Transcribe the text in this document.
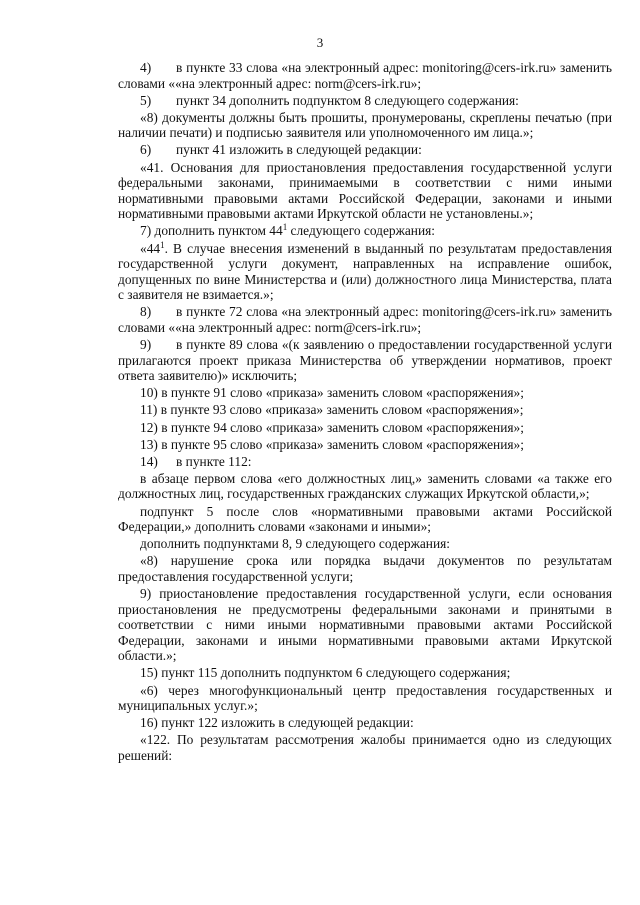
3

4) в пункте 33 слова «на электронный адрес: monitoring@cers-irk.ru» заменить словами ««на электронный адрес: norm@cers-irk.ru»;

5) пункт 34 дополнить подпунктом 8 следующего содержания:

«8) документы должны быть прошиты, пронумерованы, скреплены печатью (при наличии печати) и подписью заявителя или уполномоченного им лица.»;

6) пункт 41 изложить в следующей редакции:

«41. Основания для приостановления предоставления государственной услуги федеральными законами, принимаемыми в соответствии с ними иными нормативными правовыми актами Российской Федерации, законами и иными нормативными правовыми актами Иркутской области не установлены.»;

7) дополнить пунктом $44^1$ следующего содержания:

«$44^1$. В случае внесения изменений в выданный по результатам предоставления государственной услуги документ, направленных на исправление ошибок, допущенных по вине Министерства и (или) должностного лица Министерства, плата с заявителя не взимается.»;

8) в пункте 72 слова «на электронный адрес: monitoring@cers-irk.ru» заменить словами ««на электронный адрес: norm@cers-irk.ru»;

9) в пункте 89 слова «(к заявлению о предоставлении государственной услуги прилагаются проект приказа Министерства об утверждении нормативов, проект ответа заявителю)» исключить;

10) в пункте 91 слово «приказа» заменить словом «распоряжения»;

11) в пункте 93 слово «приказа» заменить словом «распоряжения»;

12) в пункте 94 слово «приказа» заменить словом «распоряжения»;

13) в пункте 95 слово «приказа» заменить словом «распоряжения»;

14) в пункте 112:

в абзаце первом слова «его должностных лиц,» заменить словами «а также его должностных лиц, государственных гражданских служащих Иркутской области,»;

подпункт 5 после слов «нормативными правовыми актами Российской Федерации,» дополнить словами «законами и иными»;

дополнить подпунктами 8, 9 следующего содержания:

«8) нарушение срока или порядка выдачи документов по результатам предоставления государственной услуги;

9) приостановление предоставления государственной услуги, если основания приостановления не предусмотрены федеральными законами и принятыми в соответствии с ними иными нормативными правовыми актами Российской Федерации, законами и иными нормативными правовыми актами Иркутской области.»;

15) пункт 115 дополнить подпунктом 6 следующего содержания;

«6) через многофункциональный центр предоставления государственных и муниципальных услуг.»;

16) пункт 122 изложить в следующей редакции:

«122. По результатам рассмотрения жалобы принимается одно из следующих решений:
